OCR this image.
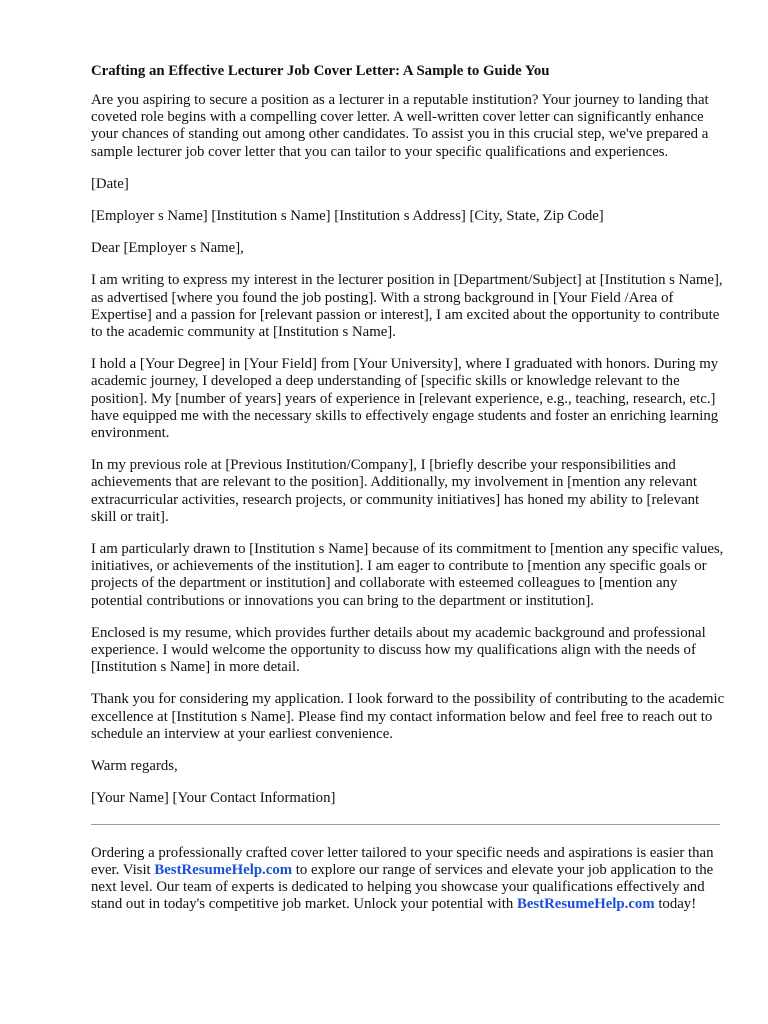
Crafting an Effective Lecturer Job Cover Letter: A Sample to Guide You

Are you aspiring to secure a position as a lecturer in a reputable institution? Your journey to landing that coveted role begins with a compelling cover letter. A well-written cover letter can significantly enhance your chances of standing out among other candidates. To assist you in this crucial step, we've prepared a sample lecturer job cover letter that you can tailor to your specific qualifications and experiences.

[Date]

[Employer s Name] [Institution s Name] [Institution s Address] [City, State, Zip Code]

Dear [Employer s Name],

I am writing to express my interest in the lecturer position in [Department/Subject] at [Institution s Name], as advertised [where you found the job posting]. With a strong background in [Your Field /Area of Expertise] and a passion for [relevant passion or interest], I am excited about the opportunity to contribute to the academic community at [Institution s Name].

I hold a [Your Degree] in [Your Field] from [Your University], where I graduated with honors. During my academic journey, I developed a deep understanding of [specific skills or knowledge relevant to the position]. My [number of years] years of experience in [relevant experience, e.g., teaching, research, etc.] have equipped me with the necessary skills to effectively engage students and foster an enriching learning environment.

In my previous role at [Previous Institution/Company], I [briefly describe your responsibilities and achievements that are relevant to the position]. Additionally, my involvement in [mention any relevant extracurricular activities, research projects, or community initiatives] has honed my ability to [relevant skill or trait].

I am particularly drawn to [Institution s Name] because of its commitment to [mention any specific values, initiatives, or achievements of the institution]. I am eager to contribute to [mention any specific goals or projects of the department or institution] and collaborate with esteemed colleagues to [mention any potential contributions or innovations you can bring to the department or institution].

Enclosed is my resume, which provides further details about my academic background and professional experience. I would welcome the opportunity to discuss how my qualifications align with the needs of [Institution s Name] in more detail.

Thank you for considering my application. I look forward to the possibility of contributing to the academic excellence at [Institution s Name]. Please find my contact information below and feel free to reach out to schedule an interview at your earliest convenience.

Warm regards,

[Your Name] [Your Contact Information]

Ordering a professionally crafted cover letter tailored to your specific needs and aspirations is easier than ever. Visit BestResumeHelp.com to explore our range of services and elevate your job application to the next level. Our team of experts is dedicated to helping you showcase your qualifications effectively and stand out in today's competitive job market. Unlock your potential with BestResumeHelp.com today!
